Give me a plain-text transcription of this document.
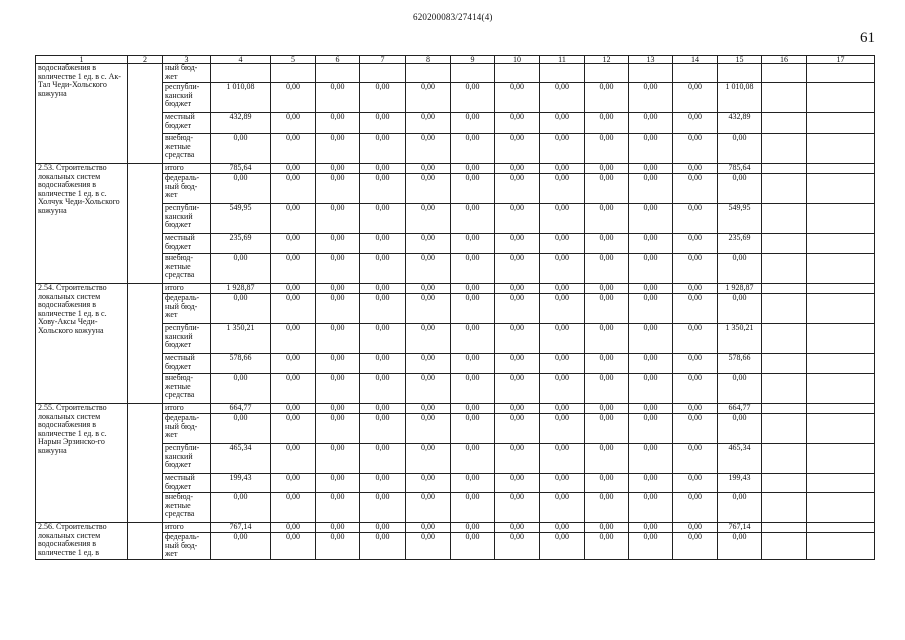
620200083/27414(4)
61
1	2	3	4	5	6	7	8	9	10	11	12	13	14	15	16	17
водоснабжения в количестве 1 ед. в с. Ак-Тал Чеди-Хольского кожууна		ный бюд-жет														
		республи-канский бюджет	1 010,08	0,00	0,00	0,00	0,00	0,00	0,00	0,00	0,00	0,00	0,00	1 010,08		
		местный бюджет	432,89	0,00	0,00	0,00	0,00	0,00	0,00	0,00	0,00	0,00	0,00	432,89		
		внебюд-жетные средства	0,00	0,00	0,00	0,00	0,00	0,00	0,00	0,00	0,00	0,00	0,00	0,00		
2.53. Строительство локальных систем водоснабжения в количестве 1 ед. в с. Холчук Чеди-Хольского кожууна		итого	785,64	0,00	0,00	0,00	0,00	0,00	0,00	0,00	0,00	0,00	0,00	785,64		
		федераль-ный бюд-жет	0,00	0,00	0,00	0,00	0,00	0,00	0,00	0,00	0,00	0,00	0,00	0,00		
		республи-канский бюджет	549,95	0,00	0,00	0,00	0,00	0,00	0,00	0,00	0,00	0,00	0,00	549,95		
		местный бюджет	235,69	0,00	0,00	0,00	0,00	0,00	0,00	0,00	0,00	0,00	0,00	235,69		
		внебюд-жетные средства	0,00	0,00	0,00	0,00	0,00	0,00	0,00	0,00	0,00	0,00	0,00	0,00		
2.54. Строительство локальных систем водоснабжения в количестве 1 ед. в с. Хову-Аксы Чеди-Хольского кожууна		итого	1 928,87	0,00	0,00	0,00	0,00	0,00	0,00	0,00	0,00	0,00	0,00	1 928,87		
		федераль-ный бюд-жет	0,00	0,00	0,00	0,00	0,00	0,00	0,00	0,00	0,00	0,00	0,00	0,00		
		республи-канский бюджет	1 350,21	0,00	0,00	0,00	0,00	0,00	0,00	0,00	0,00	0,00	0,00	1 350,21		
		местный бюджет	578,66	0,00	0,00	0,00	0,00	0,00	0,00	0,00	0,00	0,00	0,00	578,66		
		внебюд-жетные средства	0,00	0,00	0,00	0,00	0,00	0,00	0,00	0,00	0,00	0,00	0,00	0,00		
2.55. Строительство локальных систем водоснабжения в количестве 1 ед. в с. Нарын Эрзинско-го кожууна		итого	664,77	0,00	0,00	0,00	0,00	0,00	0,00	0,00	0,00	0,00	0,00	664,77		
		федераль-ный бюд-жет	0,00	0,00	0,00	0,00	0,00	0,00	0,00	0,00	0,00	0,00	0,00	0,00		
		республи-канский бюджет	465,34	0,00	0,00	0,00	0,00	0,00	0,00	0,00	0,00	0,00	0,00	465,34		
		местный бюджет	199,43	0,00	0,00	0,00	0,00	0,00	0,00	0,00	0,00	0,00	0,00	199,43		
		внебюд-жетные средства	0,00	0,00	0,00	0,00	0,00	0,00	0,00	0,00	0,00	0,00	0,00	0,00		
2.56. Строительство локальных систем водоснабжения в количестве 1 ед. в		итого	767,14	0,00	0,00	0,00	0,00	0,00	0,00	0,00	0,00	0,00	0,00	767,14		
		федераль-ный бюд-жет	0,00	0,00	0,00	0,00	0,00	0,00	0,00	0,00	0,00	0,00	0,00	0,00		
